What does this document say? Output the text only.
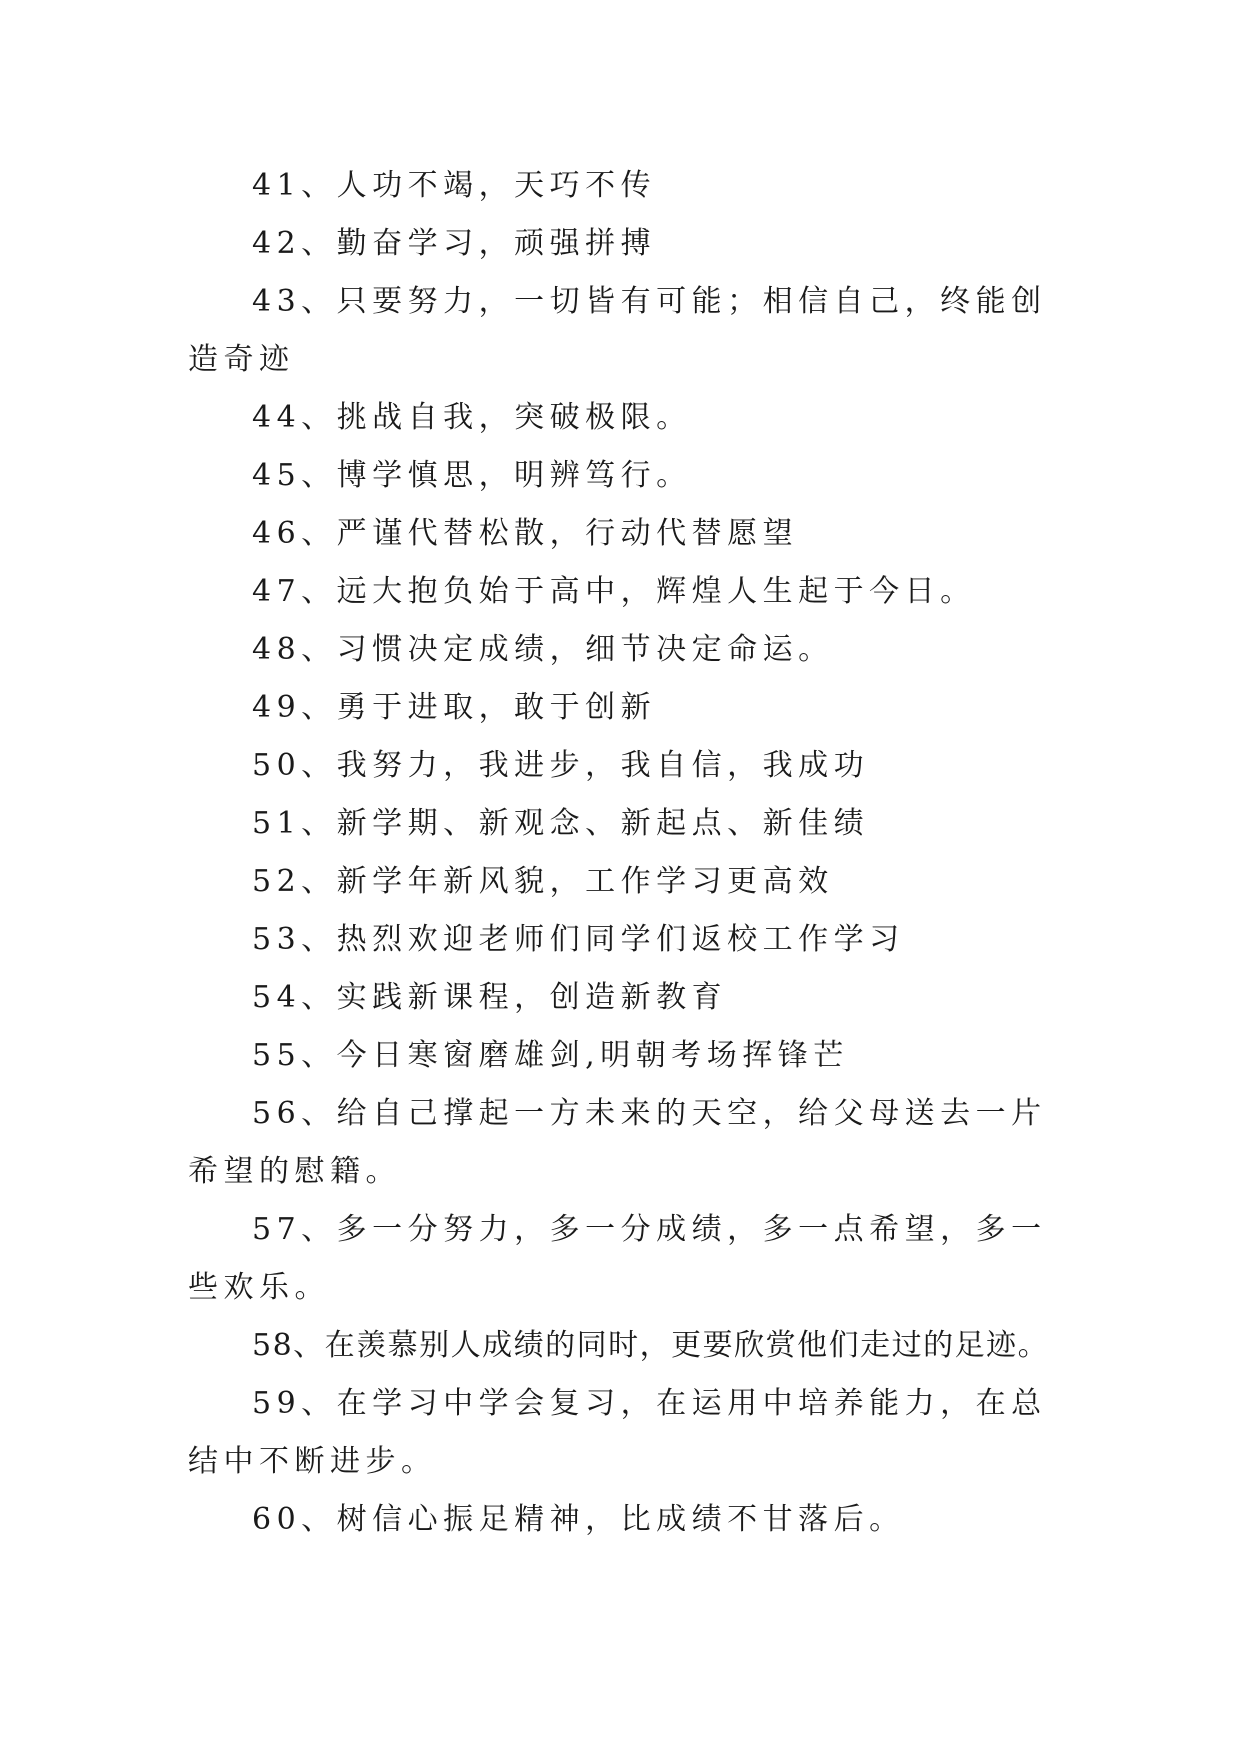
41、人功不竭，天巧不传

42、勤奋学习，顽强拼搏

43、只要努力，一切皆有可能；相信自己，终能创造奇迹

44、挑战自我，突破极限。

45、博学慎思，明辨笃行。

46、严谨代替松散，行动代替愿望

47、远大抱负始于高中，辉煌人生起于今日。

48、习惯决定成绩，细节决定命运。

49、勇于进取，敢于创新

50、我努力，我进步，我自信，我成功

51、新学期、新观念、新起点、新佳绩

52、新学年新风貌，工作学习更高效

53、热烈欢迎老师们同学们返校工作学习

54、实践新课程，创造新教育

55、今日寒窗磨雄剑,明朝考场挥锋芒

56、给自己撑起一方未来的天空，给父母送去一片希望的慰籍。

57、多一分努力，多一分成绩，多一点希望，多一些欢乐。

58、在羡慕别人成绩的同时，更要欣赏他们走过的足迹。

59、在学习中学会复习，在运用中培养能力，在总结中不断进步。

60、树信心振足精神，比成绩不甘落后。
